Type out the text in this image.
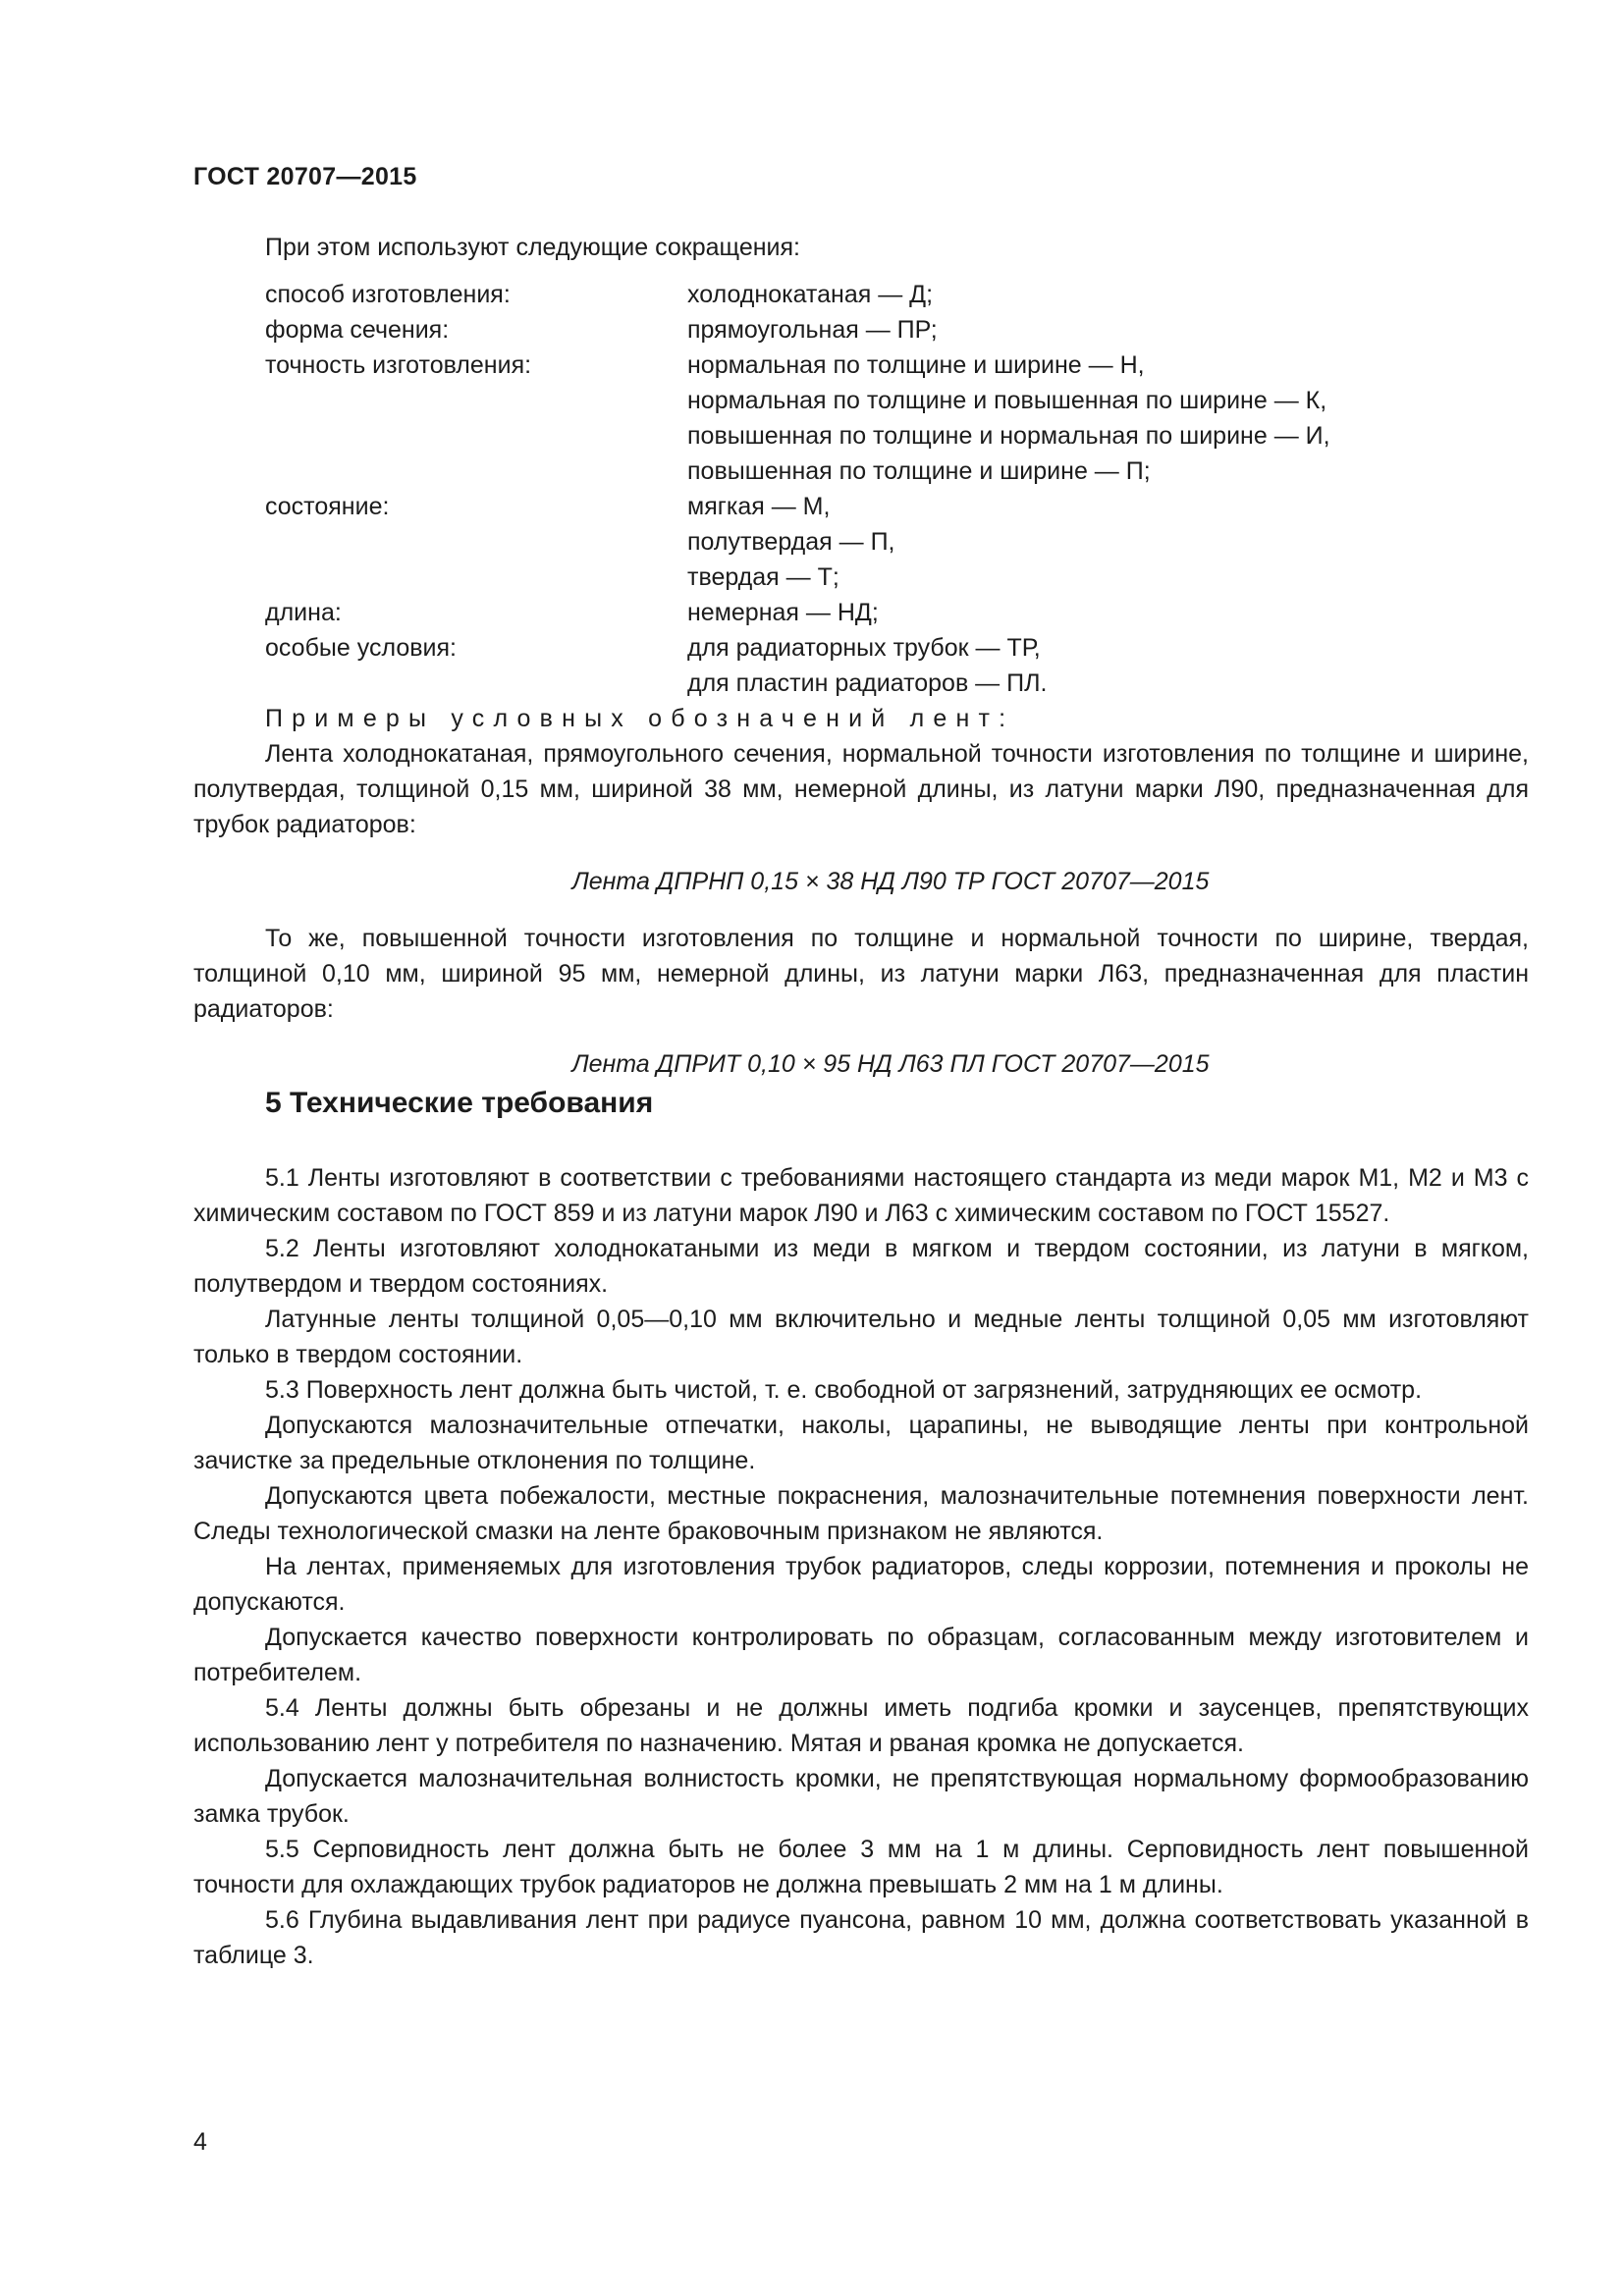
ГОСТ 20707—2015
При этом используют следующие сокращения:
способ изготовления:	холоднокатаная — Д;
форма сечения:	прямоугольная — ПР;
точность изготовления:	нормальная по толщине и ширине — Н,
нормальная по толщине и повышенная по ширине — К,
повышенная по толщине и нормальная по ширине — И,
повышенная по толщине и ширине — П;
состояние:	мягкая — М,
полутвердая — П,
твердая — Т;
длина:	немерная — НД;
особые условия:	для радиаторных трубок — ТР,
для пластин радиаторов — ПЛ.

Примеры условных обозначений лент:

Лента холоднокатаная, прямоугольного сечения, нормальной точности изготовления по толщине и ширине, полутвердая, толщиной 0,15 мм, шириной 38 мм, немерной длины, из латуни марки Л90, предназначенная для трубок радиаторов:

Лента ДПРНП 0,15 × 38 НД Л90 ТР ГОСТ 20707—2015

То же, повышенной точности изготовления по толщине и нормальной точности по ширине, твердая, толщиной 0,10 мм, шириной 95 мм, немерной длины, из латуни марки Л63, предназначенная для пластин радиаторов:

Лента ДПРИТ 0,10 × 95 НД Л63 ПЛ ГОСТ 20707—2015

5 Технические требования

5.1 Ленты изготовляют в соответствии с требованиями настоящего стандарта из меди марок М1, М2 и М3 с химическим составом по ГОСТ 859 и из латуни марок Л90 и Л63 с химическим составом по ГОСТ 15527.

5.2 Ленты изготовляют холоднокатаными из меди в мягком и твердом состоянии, из латуни в мягком, полутвердом и твердом состояниях.

Латунные ленты толщиной 0,05—0,10 мм включительно и медные ленты толщиной 0,05 мм изготовляют только в твердом состоянии.

5.3 Поверхность лент должна быть чистой, т. е. свободной от загрязнений, затрудняющих ее осмотр.

Допускаются малозначительные отпечатки, наколы, царапины, не выводящие ленты при контрольной зачистке за предельные отклонения по толщине.

Допускаются цвета побежалости, местные покраснения, малозначительные потемнения поверхности лент. Следы технологической смазки на ленте браковочным признаком не являются.

На лентах, применяемых для изготовления трубок радиаторов, следы коррозии, потемнения и проколы не допускаются.

Допускается качество поверхности контролировать по образцам, согласованным между изготовителем и потребителем.

5.4 Ленты должны быть обрезаны и не должны иметь подгиба кромки и заусенцев, препятствующих использованию лент у потребителя по назначению. Мятая и рваная кромка не допускается.

Допускается малозначительная волнистость кромки, не препятствующая нормальному формообразованию замка трубок.

5.5 Серповидность лент должна быть не более 3 мм на 1 м длины. Серповидность лент повышенной точности для охлаждающих трубок радиаторов не должна превышать 2 мм на 1 м длины.

5.6 Глубина выдавливания лент при радиусе пуансона, равном 10 мм, должна соответствовать указанной в таблице 3.

4
